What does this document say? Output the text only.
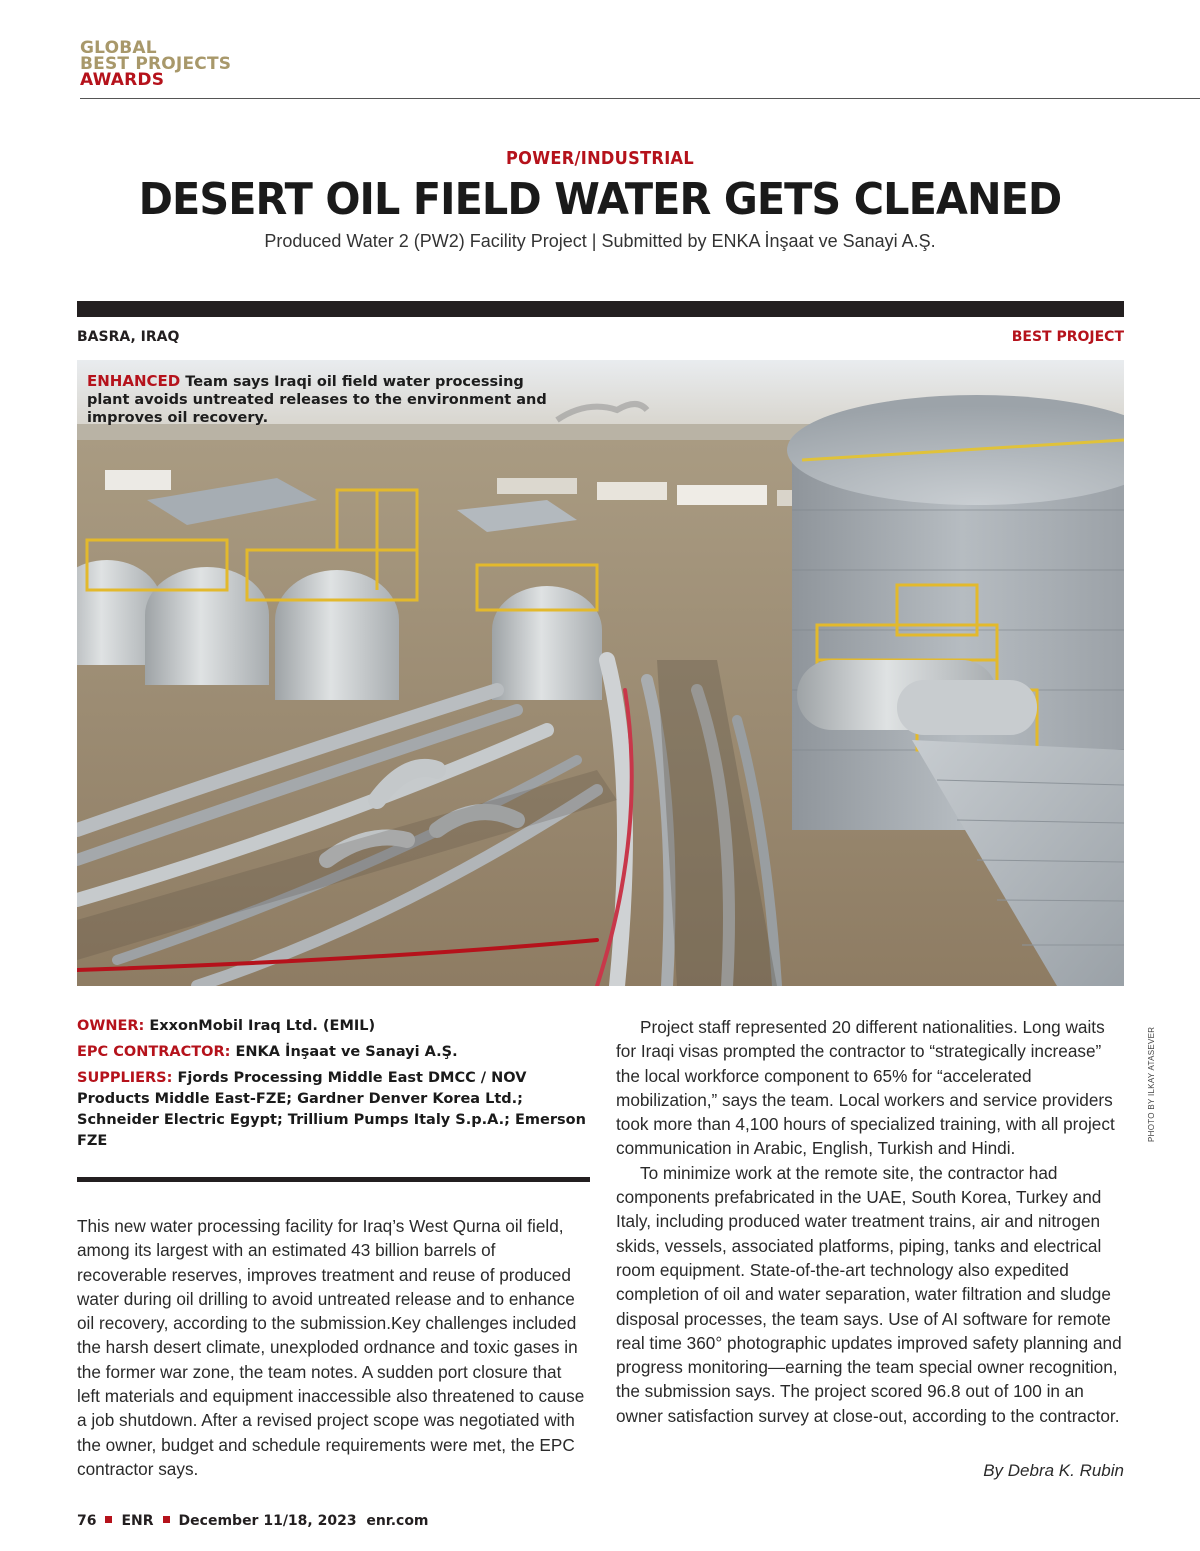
GLOBAL
BEST PROJECTS
AWARDS
POWER/INDUSTRIAL
DESERT OIL FIELD WATER GETS CLEANED
Produced Water 2 (PW2) Facility Project | Submitted by ENKA İnşaat ve Sanayi A.Ş.
BASRA, IRAQ	BEST PROJECT
ENHANCED Team says Iraqi oil field water processing plant avoids untreated releases to the environment and improves oil recovery.

OWNER: ExxonMobil Iraq Ltd. (EMIL)

EPC CONTRACTOR: ENKA İnşaat ve Sanayi A.Ş.

SUPPLIERS: Fjords Processing Middle East DMCC / NOV Products Middle East-FZE; Gardner Denver Korea Ltd.; Schneider Electric Egypt; Trillium Pumps Italy S.p.A.; Emerson FZE

This new water processing facility for Iraq’s West Qurna oil field, among its largest with an estimated 43 billion barrels of recoverable reserves, improves treatment and reuse of produced water during oil drilling to avoid untreated release and to enhance oil recovery, according to the submission.Key challenges included the harsh desert climate, unexploded ordnance and toxic gases in the former war zone, the team notes. A sudden port closure that left materials and equipment inaccessible also threatened to cause a job shutdown. After a revised project scope was negotiated with the owner, budget and schedule requirements were met, the EPC contractor says.

Project staff represented 20 different nationalities. Long waits for Iraqi visas prompted the contractor to “strategically increase” the local workforce component to 65% for “accelerated mobilization,” says the team. Local workers and service providers took more than 4,100 hours of specialized training, with all project communication in Arabic, English, Turkish and Hindi.

To minimize work at the remote site, the contractor had components prefabricated in the UAE, South Korea, Turkey and Italy, including produced water treatment trains, air and nitrogen skids, vessels, associated platforms, piping, tanks and electrical room equipment. State-of-the-art technology also expedited completion of oil and water separation, water filtration and sludge disposal processes, the team says. Use of AI software for remote real time 360° photographic updates improved safety planning and progress monitoring—earning the team special owner recognition, the submission says. The project scored 96.8 out of 100 in an owner satisfaction survey at close-out, according to the contractor.

By Debra K. Rubin
76 ENR December 11/18, 2023 enr.com
PHOTO BY ILKAY ATASEVER
